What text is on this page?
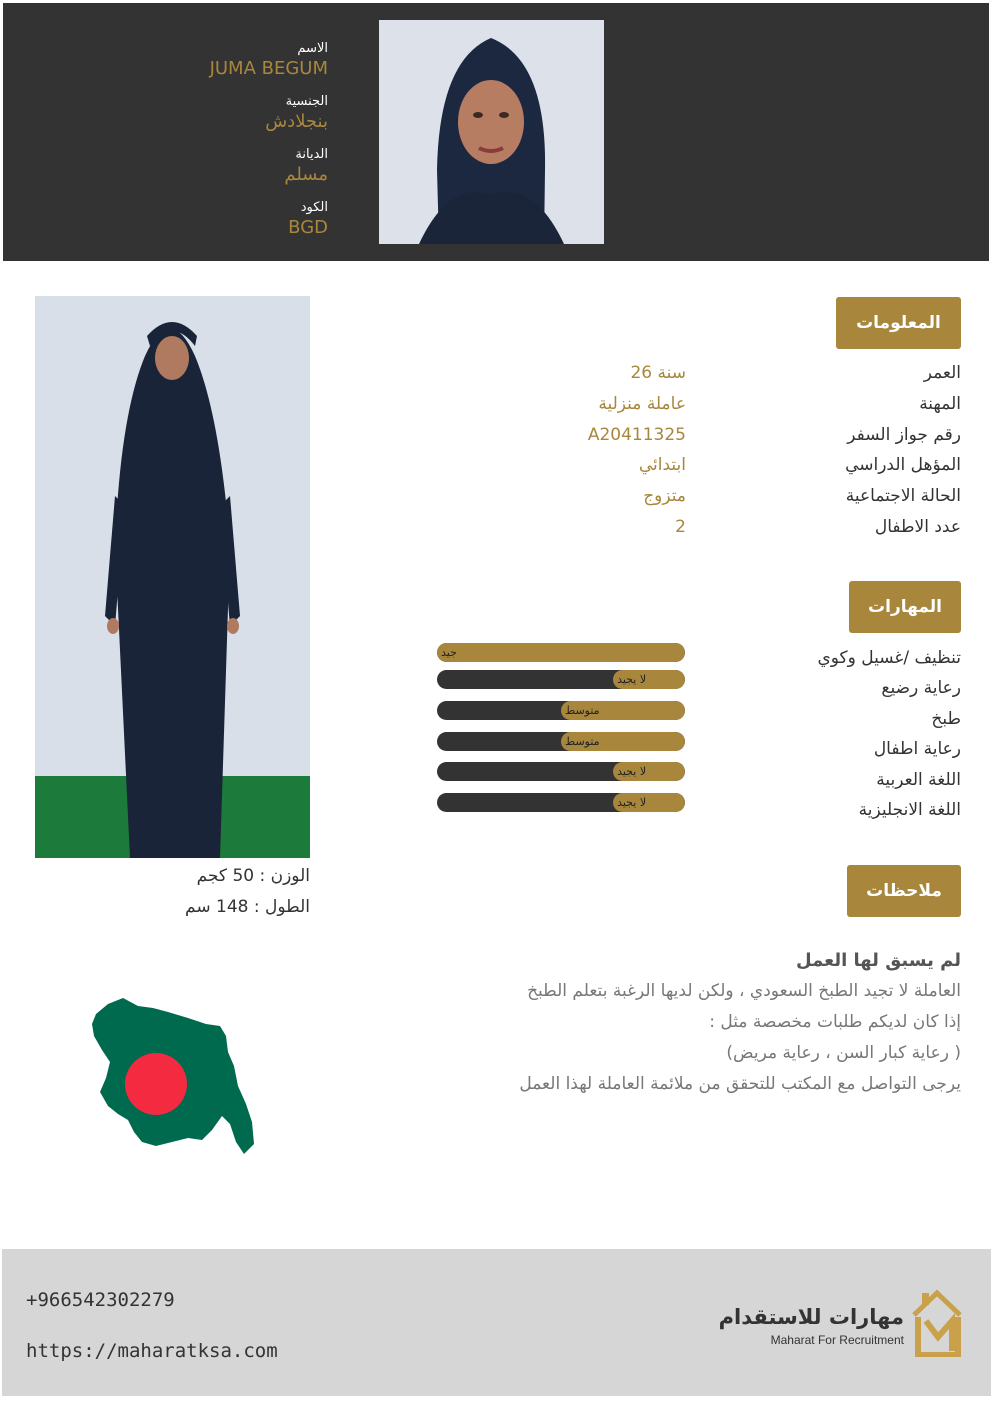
الاسم
JUMA BEGUM
الجنسية
بنجلادش
الديانة
مسلم
الكود
BGD
الوزن : 50 كجم
الطول : 148 سم
المعلومات
العمر
26 سنة
المهنة
عاملة منزلية
رقم جواز السفر
A20411325
المؤهل الدراسي
ابتدائي
الحالة الاجتماعية
متزوج
عدد الاطفال
2
المهارات
تنظيف /غسيل وكوي
جيد
رعاية رضيع
لا يجيد
طبخ
متوسط
رعاية اطفال
متوسط
اللغة العربية
لا يجيد
اللغة الانجليزية
لا يجيد
ملاحظات
لم يسبق لها العمل
العاملة لا تجيد الطبخ السعودي ، ولكن لديها الرغبة بتعلم الطبخ
إذا كان لديكم طلبات مخصصة مثل :
( رعاية كبار السن ، رعاية مريض)
يرجى التواصل مع المكتب للتحقق من ملائمة العاملة لهذا العمل
+966542302279
https://maharatksa.com
مهارات للاستقدام
Maharat For Recruitment
